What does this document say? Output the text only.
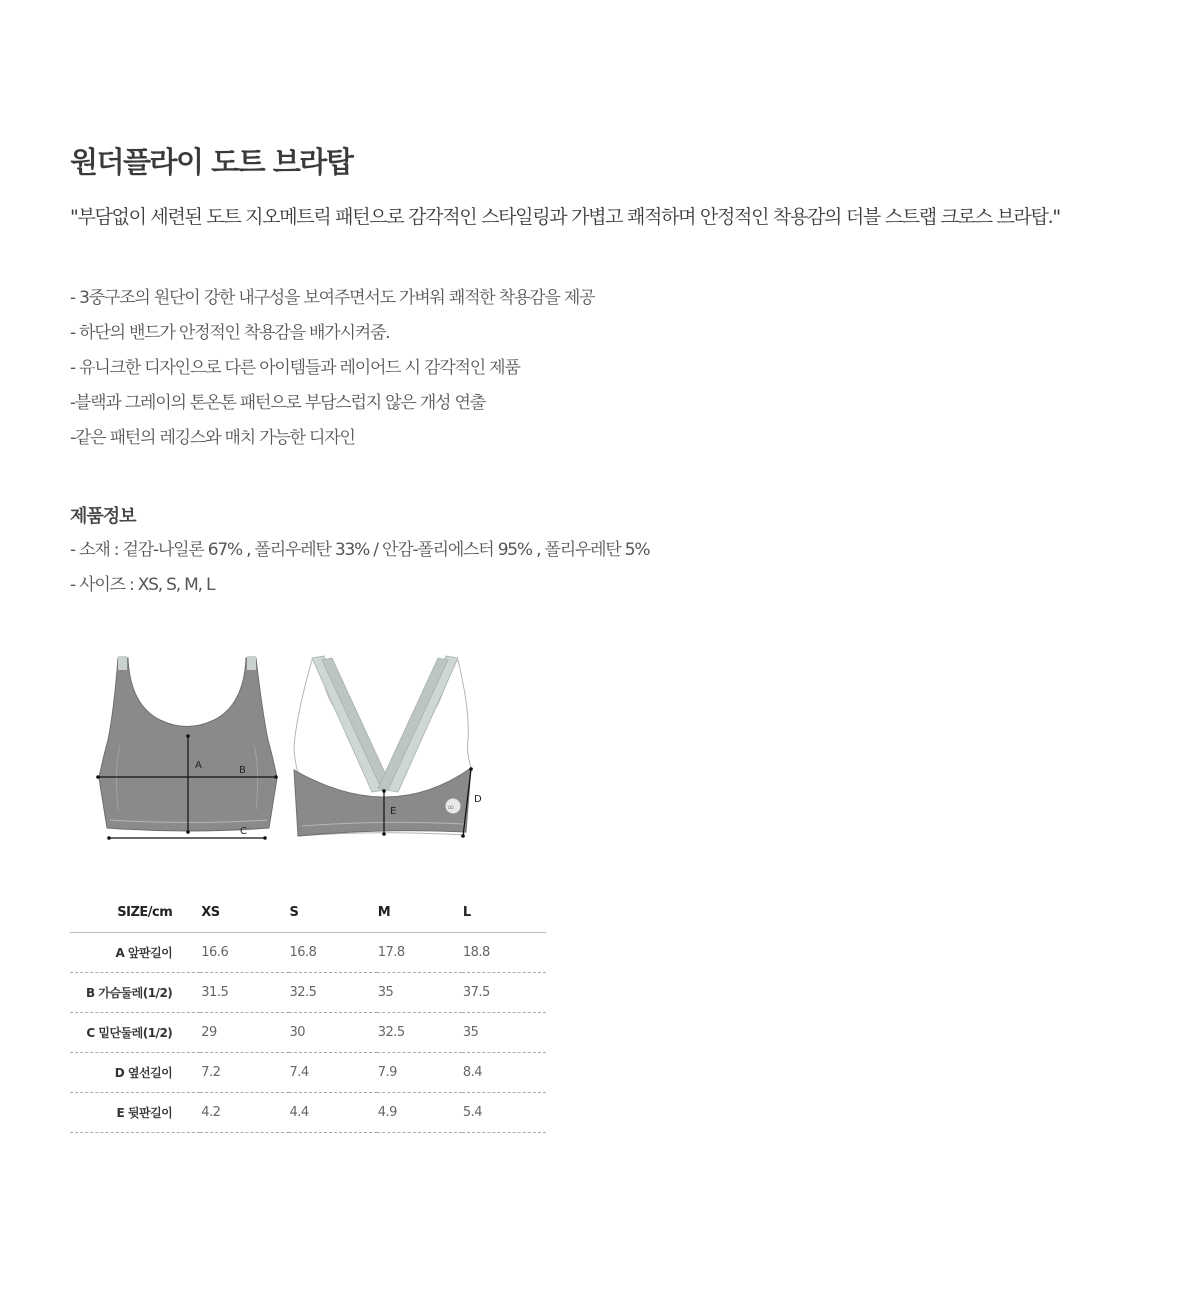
원더플라이 도트 브라탑
"부담없이 세련된 도트 지오메트릭 패턴으로 감각적인 스타일링과 가볍고 쾌적하며 안정적인 착용감의 더블 스트랩 크로스 브라탑."
- 3중구조의 원단이 강한 내구성을 보여주면서도 가벼워 쾌적한 착용감을 제공
- 하단의 밴드가 안정적인 착용감을 배가시켜줌.
- 유니크한 디자인으로 다른 아이템들과 레이어드 시 감각적인 제품
-블랙과 그레이의 톤온톤 패턴으로 부담스럽지 않은 개성 연출
-같은 패턴의 레깅스와 매치 가능한 디자인
제품정보
- 소재 : 겉감-나일론 67% , 폴리우레탄 33% / 안감-폴리에스터 95% , 폴리우레탄 5%
- 사이즈 : XS, S, M, L
A	B
C
∞
D
E
SIZE/cm	XS	S	M	L
A 앞판길이	16.6	16.8	17.8	18.8
B 가슴둘레(1/2)	31.5	32.5	35	37.5
C 밑단둘레(1/2)	29	30	32.5	35
D 옆선길이	7.2	7.4	7.9	8.4
E 뒷판길이	4.2	4.4	4.9	5.4
